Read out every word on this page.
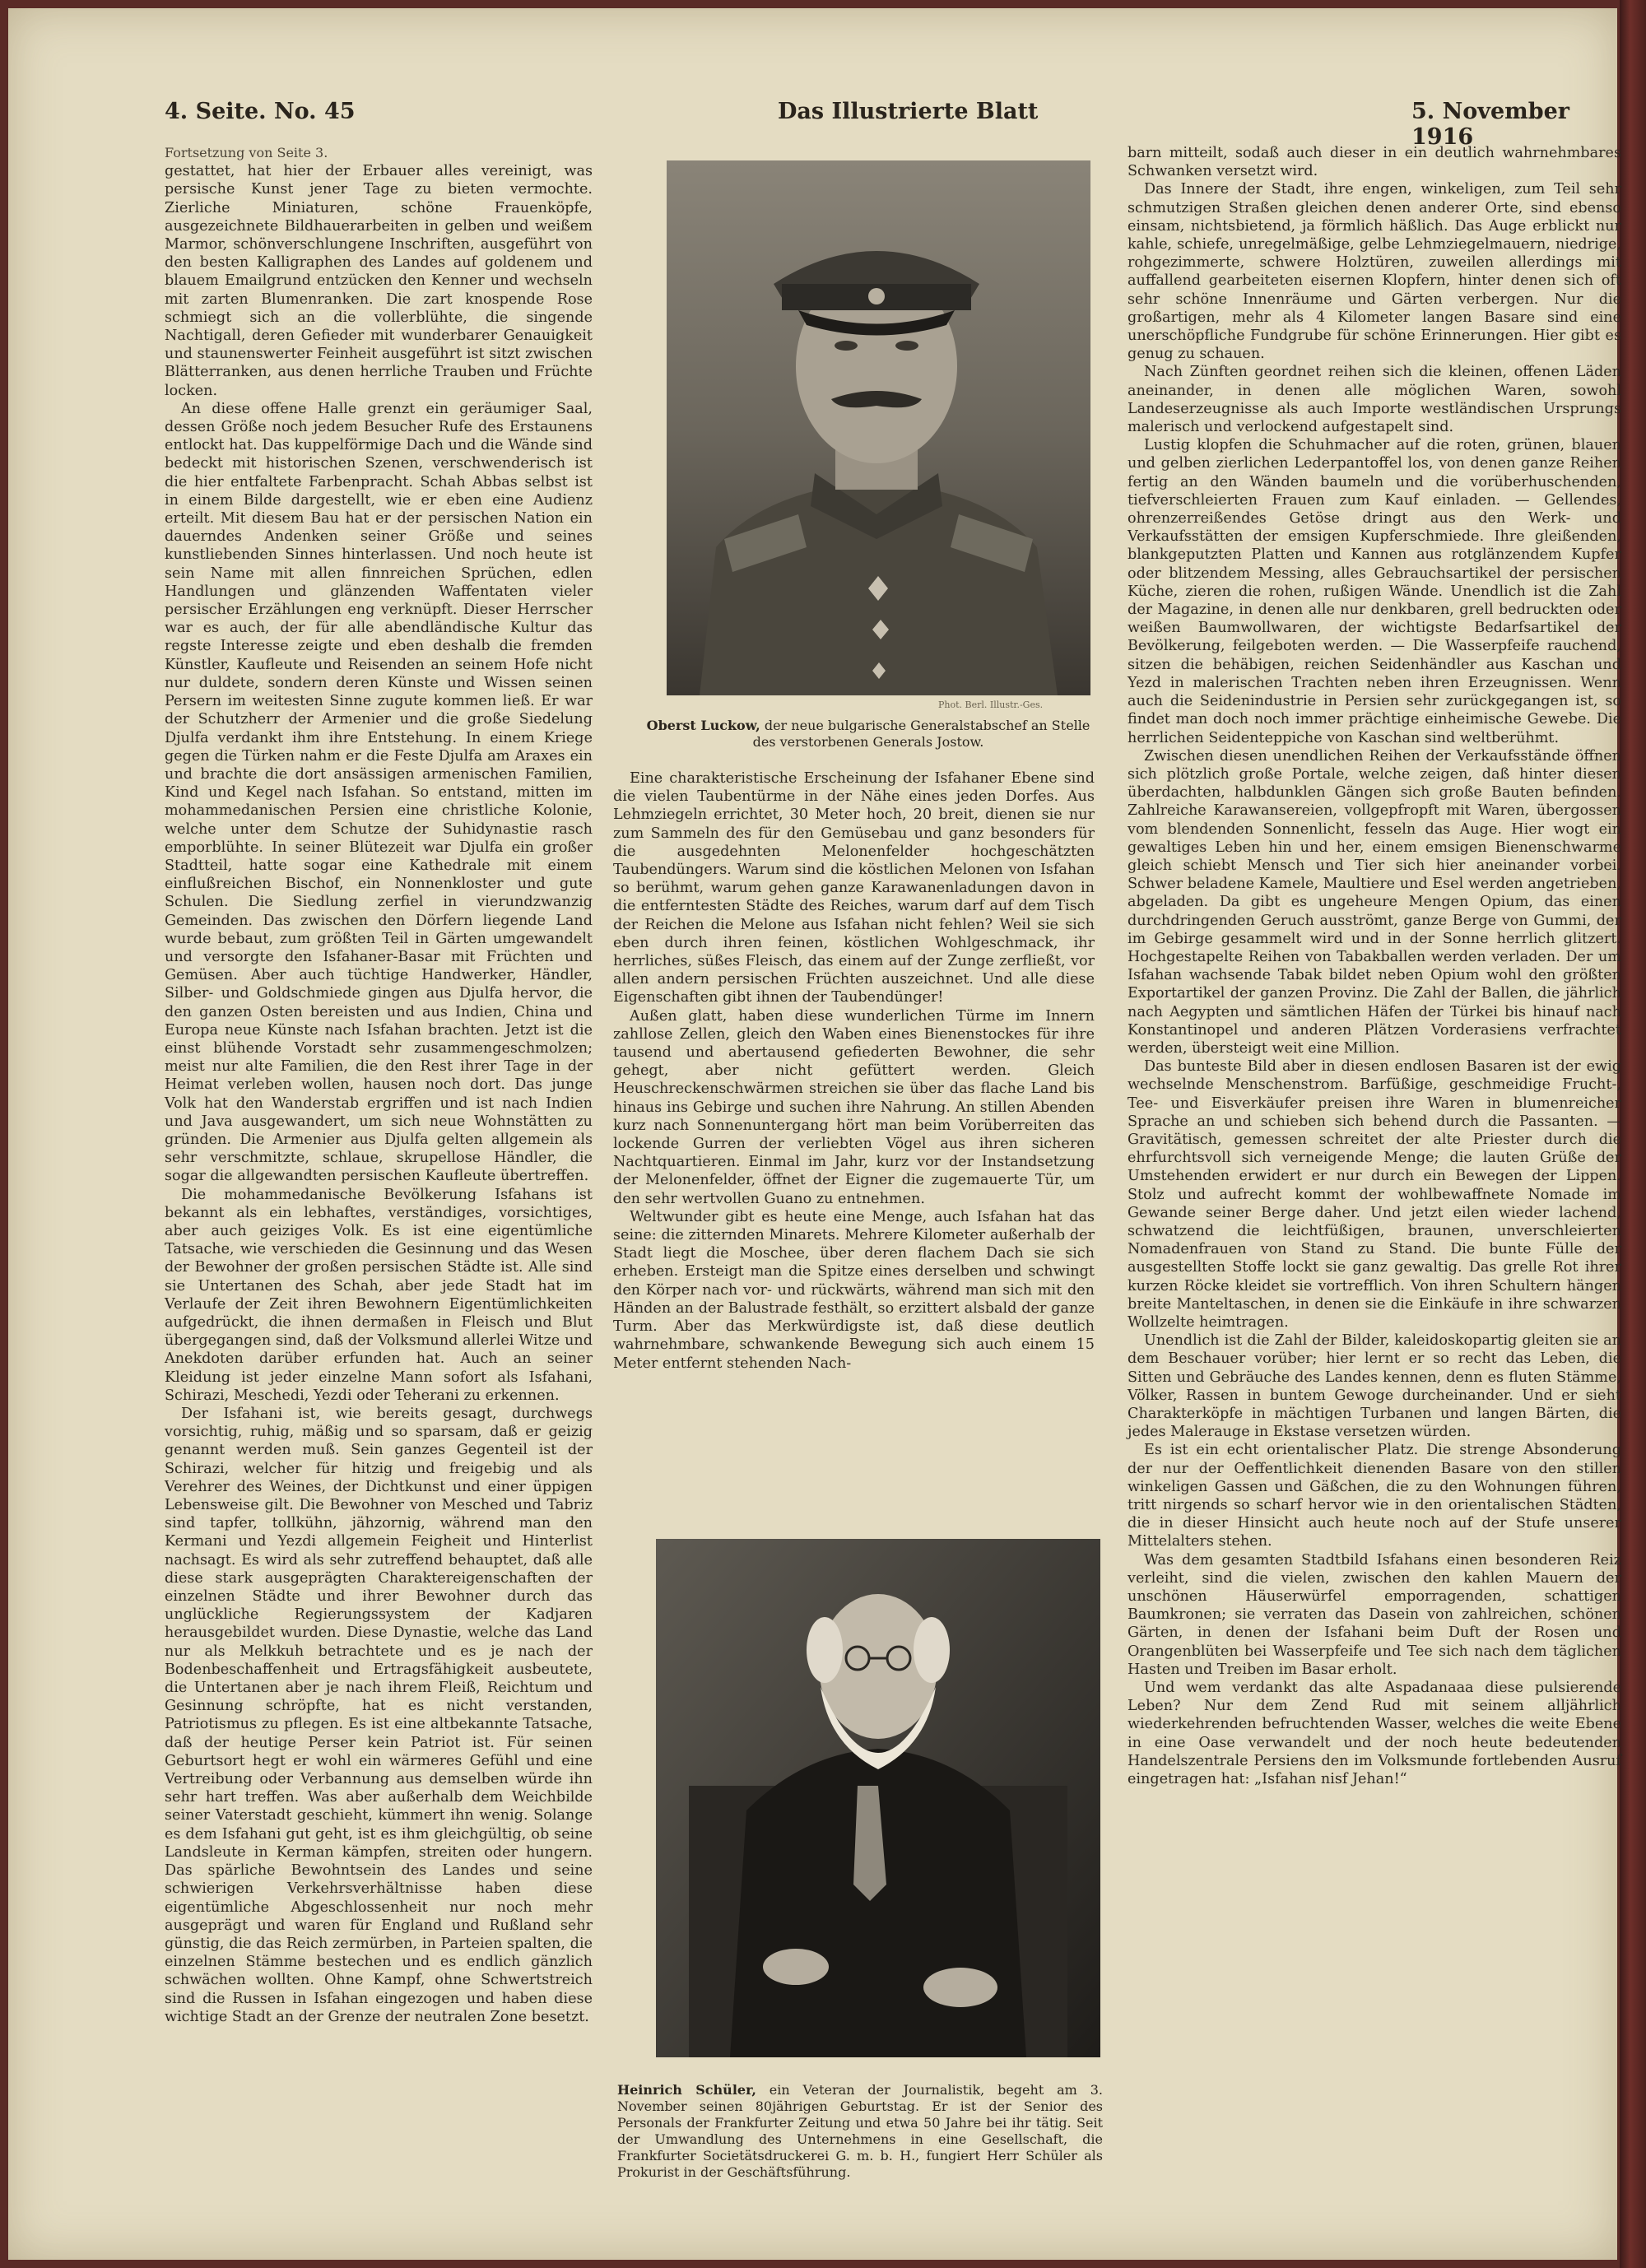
4. Seite. No. 45	Das Illustrierte Blatt	5. November 1916

Fortsetzung von Seite 3.

gestattet, hat hier der Erbauer alles vereinigt, was persische Kunst jener Tage zu bieten vermochte. Zierliche Miniaturen, schöne Frauenköpfe, ausgezeichnete Bildhauerarbeiten in gelben und weißem Marmor, schönverschlungene Inschriften, ausgeführt von den besten Kalligraphen des Landes auf goldenem und blauem Emailgrund entzücken den Kenner und wechseln mit zarten Blumenranken. Die zart knospende Rose schmiegt sich an die vollerblühte, die singende Nachtigall, deren Gefieder mit wunderbarer Genauigkeit und staunenswerter Feinheit ausgeführt ist sitzt zwischen Blätterranken, aus denen herrliche Trauben und Früchte locken.

An diese offene Halle grenzt ein geräumiger Saal, dessen Größe noch jedem Besucher Rufe des Erstaunens entlockt hat. Das kuppelförmige Dach und die Wände sind bedeckt mit historischen Szenen, verschwenderisch ist die hier entfaltete Farbenpracht. Schah Abbas selbst ist in einem Bilde dargestellt, wie er eben eine Audienz erteilt. Mit diesem Bau hat er der persischen Nation ein dauerndes Andenken seiner Größe und seines kunstliebenden Sinnes hinterlassen. Und noch heute ist sein Name mit allen finnreichen Sprüchen, edlen Handlungen und glänzenden Waffentaten vieler persischer Erzählungen eng verknüpft. Dieser Herrscher war es auch, der für alle abendländische Kultur das regste Interesse zeigte und eben deshalb die fremden Künstler, Kaufleute und Reisenden an seinem Hofe nicht nur duldete, sondern deren Künste und Wissen seinen Persern im weitesten Sinne zugute kommen ließ. Er war der Schutzherr der Armenier und die große Siedelung Djulfa verdankt ihm ihre Entstehung. In einem Kriege gegen die Türken nahm er die Feste Djulfa am Araxes ein und brachte die dort ansässigen armenischen Familien, Kind und Kegel nach Isfahan. So entstand, mitten im mohammedanischen Persien eine christliche Kolonie, welche unter dem Schutze der Suhidynastie rasch emporblühte. In seiner Blütezeit war Djulfa ein großer Stadtteil, hatte sogar eine Kathedrale mit einem einflußreichen Bischof, ein Nonnenkloster und gute Schulen. Die Siedlung zerfiel in vierundzwanzig Gemeinden. Das zwischen den Dörfern liegende Land wurde bebaut, zum größten Teil in Gärten umgewandelt und versorgte den Isfahaner-Basar mit Früchten und Gemüsen. Aber auch tüchtige Handwerker, Händler, Silber- und Goldschmiede gingen aus Djulfa hervor, die den ganzen Osten bereisten und aus Indien, China und Europa neue Künste nach Isfahan brachten. Jetzt ist die einst blühende Vorstadt sehr zusammengeschmolzen; meist nur alte Familien, die den Rest ihrer Tage in der Heimat verleben wollen, hausen noch dort. Das junge Volk hat den Wanderstab ergriffen und ist nach Indien und Java ausgewandert, um sich neue Wohnstätten zu gründen. Die Armenier aus Djulfa gelten allgemein als sehr verschmitzte, schlaue, skrupellose Händler, die sogar die allgewandten persischen Kaufleute übertreffen.

Die mohammedanische Bevölkerung Isfahans ist bekannt als ein lebhaftes, verständiges, vorsichtiges, aber auch geiziges Volk. Es ist eine eigentümliche Tatsache, wie verschieden die Gesinnung und das Wesen der Bewohner der großen persischen Städte ist. Alle sind sie Untertanen des Schah, aber jede Stadt hat im Verlaufe der Zeit ihren Bewohnern Eigentümlichkeiten aufgedrückt, die ihnen dermaßen in Fleisch und Blut übergegangen sind, daß der Volksmund allerlei Witze und Anekdoten darüber erfunden hat. Auch an seiner Kleidung ist jeder einzelne Mann sofort als Isfahani, Schirazi, Meschedi, Yezdi oder Teherani zu erkennen.

Der Isfahani ist, wie bereits gesagt, durchwegs vorsichtig, ruhig, mäßig und so sparsam, daß er geizig genannt werden muß. Sein ganzes Gegenteil ist der Schirazi, welcher für hitzig und freigebig und als Verehrer des Weines, der Dichtkunst und einer üppigen Lebensweise gilt. Die Bewohner von Mesched und Tabriz sind tapfer, tollkühn, jähzornig, während man den Kermani und Yezdi allgemein Feigheit und Hinterlist nachsagt. Es wird als sehr zutreffend behauptet, daß alle diese stark ausgeprägten Charaktereigenschaften der einzelnen Städte und ihrer Bewohner durch das unglückliche Regierungssystem der Kadjaren herausgebildet wurden. Diese Dynastie, welche das Land nur als Melkkuh betrachtete und es je nach der Bodenbeschaffenheit und Ertragsfähigkeit ausbeutete, die Untertanen aber je nach ihrem Fleiß, Reichtum und Gesinnung schröpfte, hat es nicht verstanden, Patriotismus zu pflegen. Es ist eine altbekannte Tatsache, daß der heutige Perser kein Patriot ist. Für seinen Geburtsort hegt er wohl ein wärmeres Gefühl und eine Vertreibung oder Verbannung aus demselben würde ihn sehr hart treffen. Was aber außerhalb dem Weichbilde seiner Vaterstadt geschieht, kümmert ihn wenig. Solange es dem Isfahani gut geht, ist es ihm gleichgültig, ob seine Landsleute in Kerman kämpfen, streiten oder hungern. Das spärliche Bewohntsein des Landes und seine schwierigen Verkehrsverhältnisse haben diese eigentümliche Abgeschlossenheit nur noch mehr ausgeprägt und waren für England und Rußland sehr günstig, die das Reich zermürben, in Parteien spalten, die einzelnen Stämme bestechen und es endlich gänzlich schwächen wollten. Ohne Kampf, ohne Schwertstreich sind die Russen in Isfahan eingezogen und haben diese wichtige Stadt an der Grenze der neutralen Zone besetzt.

Phot. Berl. Illustr.-Ges.
Oberst Luckow, der neue bulgarische Generalstabschef an Stelle des verstorbenen Generals Jostow.

Eine charakteristische Erscheinung der Isfahaner Ebene sind die vielen Taubentürme in der Nähe eines jeden Dorfes. Aus Lehmziegeln errichtet, 30 Meter hoch, 20 breit, dienen sie nur zum Sammeln des für den Gemüsebau und ganz besonders für die ausgedehnten Melonenfelder hochgeschätzten Taubendüngers. Warum sind die köstlichen Melonen von Isfahan so berühmt, warum gehen ganze Karawanenladungen davon in die entferntesten Städte des Reiches, warum darf auf dem Tisch der Reichen die Melone aus Isfahan nicht fehlen? Weil sie sich eben durch ihren feinen, köstlichen Wohlgeschmack, ihr herrliches, süßes Fleisch, das einem auf der Zunge zerfließt, vor allen andern persischen Früchten auszeichnet. Und alle diese Eigenschaften gibt ihnen der Taubendünger!

Außen glatt, haben diese wunderlichen Türme im Innern zahllose Zellen, gleich den Waben eines Bienenstockes für ihre tausend und abertausend gefiederten Bewohner, die sehr gehegt, aber nicht gefüttert werden. Gleich Heuschreckenschwärmen streichen sie über das flache Land bis hinaus ins Gebirge und suchen ihre Nahrung. An stillen Abenden kurz nach Sonnenuntergang hört man beim Vorüberreiten das lockende Gurren der verliebten Vögel aus ihren sicheren Nachtquartieren. Einmal im Jahr, kurz vor der Instandsetzung der Melonenfelder, öffnet der Eigner die zugemauerte Tür, um den sehr wertvollen Guano zu entnehmen.

Weltwunder gibt es heute eine Menge, auch Isfahan hat das seine: die zitternden Minarets. Mehrere Kilometer außerhalb der Stadt liegt die Moschee, über deren flachem Dach sie sich erheben. Ersteigt man die Spitze eines derselben und schwingt den Körper nach vor- und rückwärts, während man sich mit den Händen an der Balustrade festhält, so erzittert alsbald der ganze Turm. Aber das Merkwürdigste ist, daß diese deutlich wahrnehmbare, schwankende Bewegung sich auch einem 15 Meter entfernt stehenden Nach-

Heinrich Schüler, ein Veteran der Journalistik, begeht am 3. November seinen 80jährigen Geburtstag. Er ist der Senior des Personals der Frankfurter Zeitung und etwa 50 Jahre bei ihr tätig. Seit der Umwandlung des Unternehmens in eine Gesellschaft, die Frankfurter Societätsdruckerei G. m. b. H., fungiert Herr Schüler als Prokurist in der Geschäftsführung.

barn mitteilt, sodaß auch dieser in ein deutlich wahrnehmbares Schwanken versetzt wird.

Das Innere der Stadt, ihre engen, winkeligen, zum Teil sehr schmutzigen Straßen gleichen denen anderer Orte, sind ebenso einsam, nichtsbietend, ja förmlich häßlich. Das Auge erblickt nur kahle, schiefe, unregelmäßige, gelbe Lehmziegelmauern, niedrige, rohgezimmerte, schwere Holztüren, zuweilen allerdings mit auffallend gearbeiteten eisernen Klopfern, hinter denen sich oft sehr schöne Innenräume und Gärten verbergen. Nur die großartigen, mehr als 4 Kilometer langen Basare sind eine unerschöpfliche Fundgrube für schöne Erinnerungen. Hier gibt es genug zu schauen.

Nach Zünften geordnet reihen sich die kleinen, offenen Läden aneinander, in denen alle möglichen Waren, sowohl Landeserzeugnisse als auch Importe westländischen Ursprungs malerisch und verlockend aufgestapelt sind.

Lustig klopfen die Schuhmacher auf die roten, grünen, blauen und gelben zierlichen Lederpantoffel los, von denen ganze Reihen fertig an den Wänden baumeln und die vorüberhuschenden, tiefverschleierten Frauen zum Kauf einladen. — Gellendes, ohrenzerreißendes Getöse dringt aus den Werk- und Verkaufsstätten der emsigen Kupferschmiede. Ihre gleißenden, blankgeputzten Platten und Kannen aus rotglänzendem Kupfer oder blitzendem Messing, alles Gebrauchsartikel der persischen Küche, zieren die rohen, rußigen Wände. Unendlich ist die Zahl der Magazine, in denen alle nur denkbaren, grell bedruckten oder weißen Baumwollwaren, der wichtigste Bedarfsartikel der Bevölkerung, feilgeboten werden. — Die Wasserpfeife rauchend, sitzen die behäbigen, reichen Seidenhändler aus Kaschan und Yezd in malerischen Trachten neben ihren Erzeugnissen. Wenn auch die Seidenindustrie in Persien sehr zurückgegangen ist, so findet man doch noch immer prächtige einheimische Gewebe. Die herrlichen Seidenteppiche von Kaschan sind weltberühmt.

Zwischen diesen unendlichen Reihen der Verkaufsstände öffnen sich plötzlich große Portale, welche zeigen, daß hinter diesen überdachten, halbdunklen Gängen sich große Bauten befinden. Zahlreiche Karawansereien, vollgepfropft mit Waren, übergossen vom blendenden Sonnenlicht, fesseln das Auge. Hier wogt ein gewaltiges Leben hin und her, einem emsigen Bienenschwarme gleich schiebt Mensch und Tier sich hier aneinander vorbei. Schwer beladene Kamele, Maultiere und Esel werden angetrieben, abgeladen. Da gibt es ungeheure Mengen Opium, das einen durchdringenden Geruch ausströmt, ganze Berge von Gummi, der im Gebirge gesammelt wird und in der Sonne herrlich glitzert. Hochgestapelte Reihen von Tabakballen werden verladen. Der um Isfahan wachsende Tabak bildet neben Opium wohl den größten Exportartikel der ganzen Provinz. Die Zahl der Ballen, die jährlich nach Aegypten und sämtlichen Häfen der Türkei bis hinauf nach Konstantinopel und anderen Plätzen Vorderasiens verfrachtet werden, übersteigt weit eine Million.

Das bunteste Bild aber in diesen endlosen Basaren ist der ewig wechselnde Menschenstrom. Barfüßige, geschmeidige Frucht-, Tee- und Eisverkäufer preisen ihre Waren in blumenreicher Sprache an und schieben sich behend durch die Passanten. — Gravitätisch, gemessen schreitet der alte Priester durch die ehrfurchtsvoll sich verneigende Menge; die lauten Grüße der Umstehenden erwidert er nur durch ein Bewegen der Lippen. Stolz und aufrecht kommt der wohlbewaffnete Nomade im Gewande seiner Berge daher. Und jetzt eilen wieder lachend, schwatzend die leichtfüßigen, braunen, unverschleierten Nomadenfrauen von Stand zu Stand. Die bunte Fülle der ausgestellten Stoffe lockt sie ganz gewaltig. Das grelle Rot ihrer kurzen Röcke kleidet sie vortrefflich. Von ihren Schultern hängen breite Manteltaschen, in denen sie die Einkäufe in ihre schwarzen Wollzelte heimtragen.

Unendlich ist die Zahl der Bilder, kaleidoskopartig gleiten sie an dem Beschauer vorüber; hier lernt er so recht das Leben, die Sitten und Gebräuche des Landes kennen, denn es fluten Stämme, Völker, Rassen in buntem Gewoge durcheinander. Und er sieht Charakterköpfe in mächtigen Turbanen und langen Bärten, die jedes Maleraugе in Ekstase versetzen würden.

Es ist ein echt orientalischer Platz. Die strenge Absonderung der nur der Oeffentlichkeit dienenden Basare von den stillen winkeligen Gassen und Gäßchen, die zu den Wohnungen führen, tritt nirgends so scharf hervor wie in den orientalischen Städten, die in dieser Hinsicht auch heute noch auf der Stufe unserer Mittelalters stehen.

Was dem gesamten Stadtbild Isfahans einen besonderen Reiz verleiht, sind die vielen, zwischen den kahlen Mauern der unschönen Häuserwürfel emporragenden, schattigen Baumkronen; sie verraten das Dasein von zahlreichen, schönen Gärten, in denen der Isfahani beim Duft der Rosen und Orangenblüten bei Wasserpfeife und Tee sich nach dem täglichen Hasten und Treiben im Basar erholt.

Und wem verdankt das alte Aspadanaaa diese pulsierende Leben? Nur dem Zend Rud mit seinem alljährlich wiederkehrenden befruchtenden Wasser, welches die weite Ebene in eine Oase verwandelt und der noch heute bedeutenden Handelszentrale Persiens den im Volksmunde fortlebenden Ausruf eingetragen hat: „Isfahan nisf Jehan!“
